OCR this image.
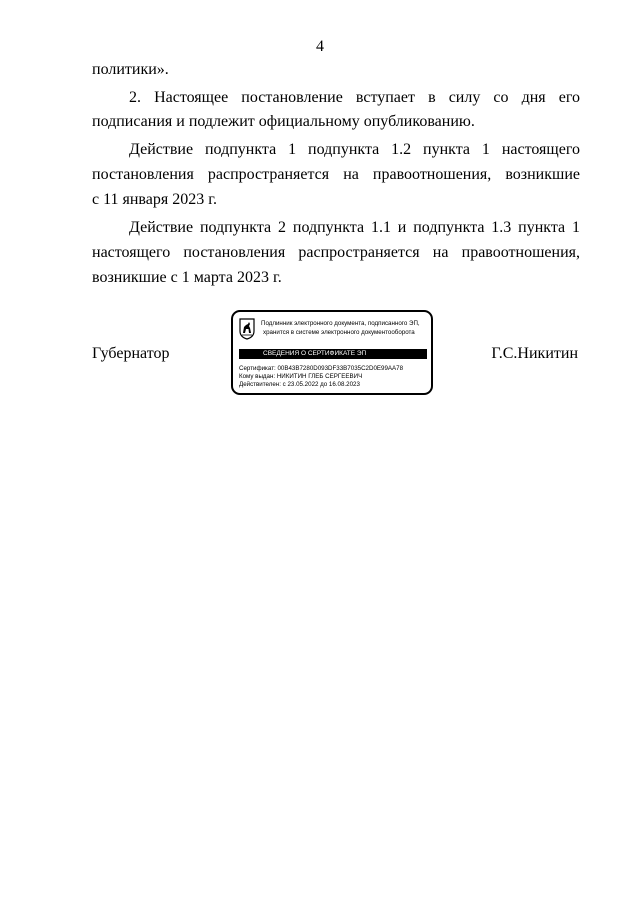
4
политики».
2. Настоящее постановление вступает в силу со дня его
подписания и подлежит официальному опубликованию.
Действие подпункта 1 подпункта 1.2 пункта 1 настоящего
постановления распространяется на правоотношения, возникшие
с 11 января 2023 г.
Действие подпункта 2 подпункта 1.1 и подпункта 1.3 пункта 1
настоящего постановления распространяется на правоотношения,
возникшие с 1 марта 2023 г.
Губернатор
Подлинник электронного документа, подписанного ЭП,
хранится в системе электронного документооборота
СВЕДЕНИЯ О СЕРТИФИКАТЕ ЭП
Сертификат: 00B43B7280D093DF33B7035C2D0E99AA78
Кому выдан: НИКИТИН ГЛЕБ СЕРГЕЕВИЧ
Действителен: с 23.05.2022 до 16.08.2023
Г.С.Никитин
